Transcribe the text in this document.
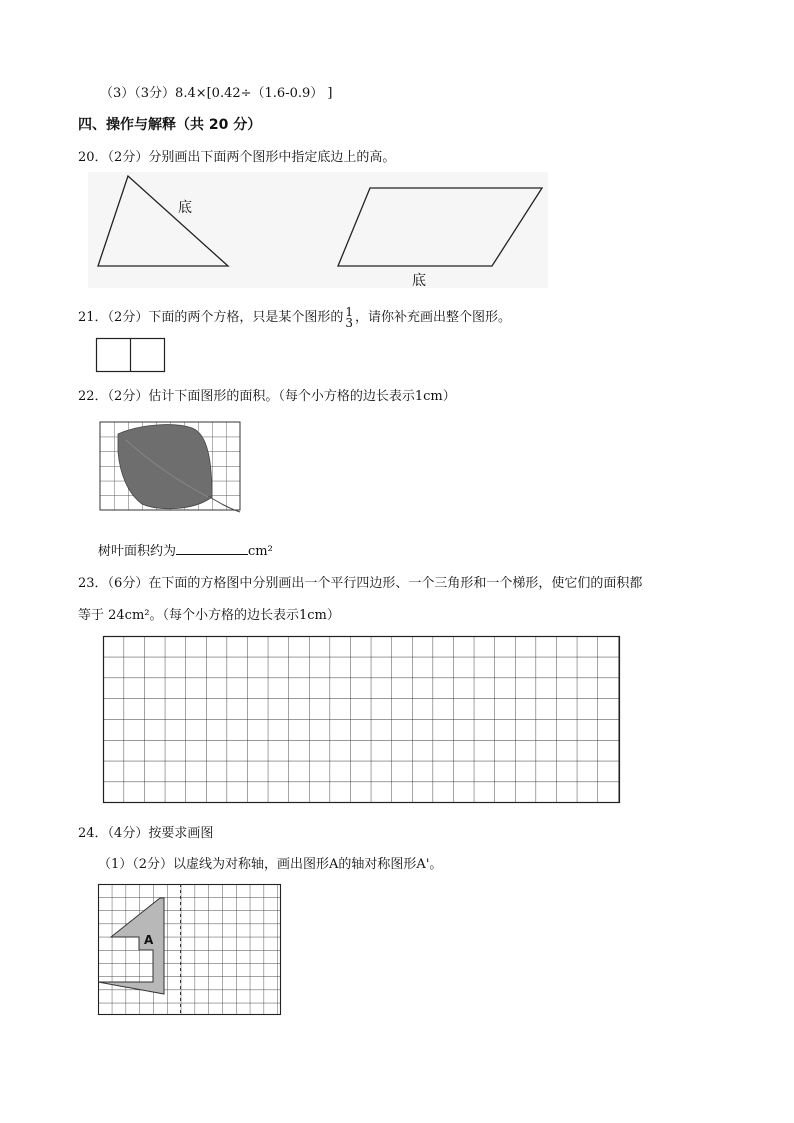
（3）（3分）8.4×[0.42÷（1.6-0.9） ]
四、操作与解释（共 20 分）
20．（2分）分别画出下面两个图形中指定底边上的高。
底
底
21．（2分）下面的两个方格，只是某个图形的 1
3 ，请你补充画出整个图形。
22．（2分）估计下面图形的面积。（每个小方格的边长表示1cm）
树叶面积约为	cm²
23．（6分）在下面的方格图中分别画出一个平行四边形、一个三角形和一个梯形，使它们的面积都
等于 24cm²。（每个小方格的边长表示1cm）
24．（4分）按要求画图
（1）（2分）以虚线为对称轴，画出图形A的轴对称图形A'。
A
